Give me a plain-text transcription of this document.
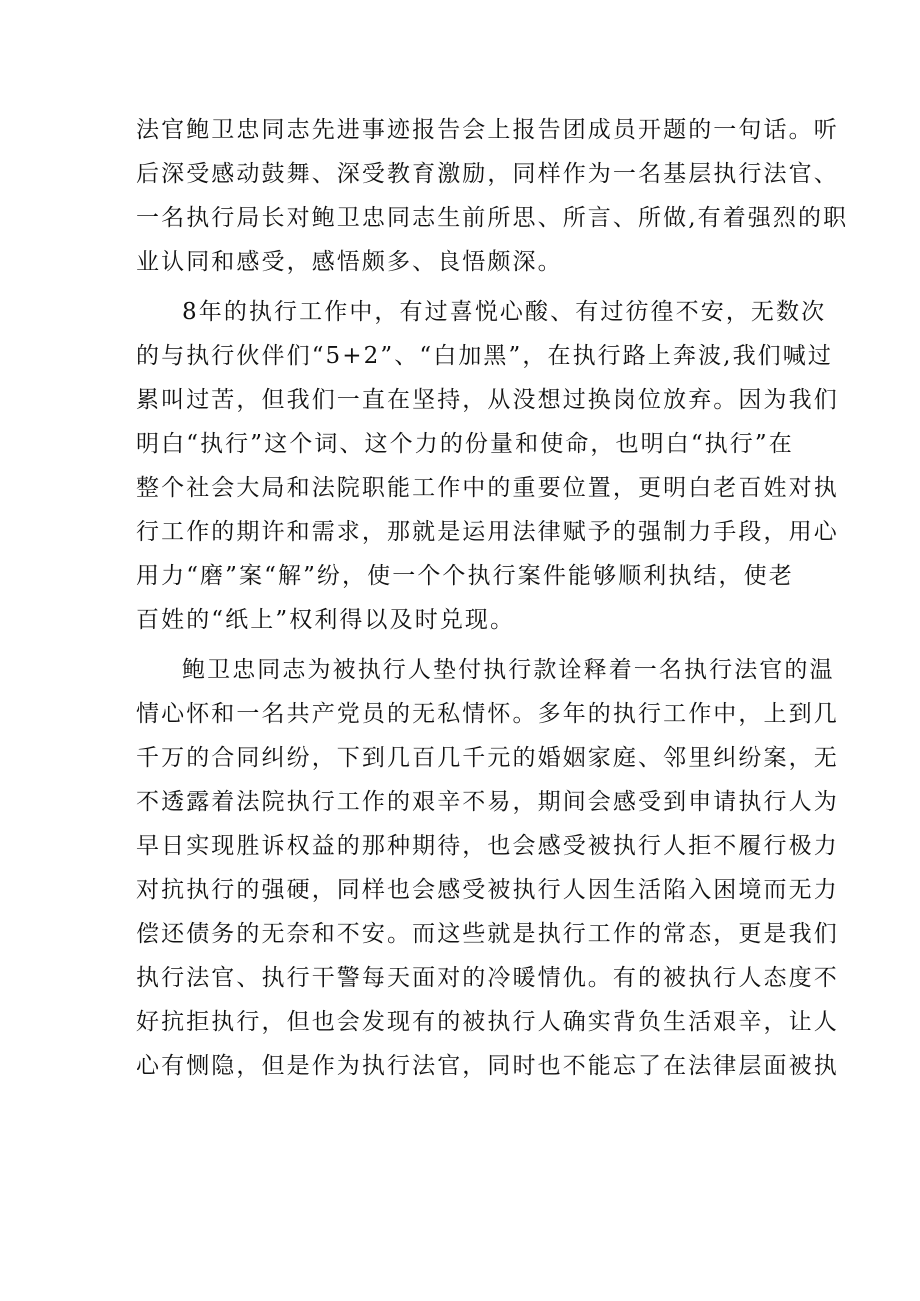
法官鲍卫忠同志先进事迹报告会上报告团成员开题的一句话。听
后深受感动鼓舞、深受教育激励，同样作为一名基层执行法官、
一名执行局长对鲍卫忠同志生前所思、所言、所做,有着强烈的职
业认同和感受，感悟颇多、良悟颇深。
8年的执行工作中，有过喜悦心酸、有过彷徨不安，无数次
的与执行伙伴们“5+2”、“白加黑”，在执行路上奔波,我们喊过
累叫过苦，但我们一直在坚持，从没想过换岗位放弃。因为我们
明白“执行”这个词、这个力的份量和使命，也明白“执行”在
整个社会大局和法院职能工作中的重要位置，更明白老百姓对执
行工作的期许和需求，那就是运用法律赋予的强制力手段，用心
用力“磨”案“解”纷，使一个个执行案件能够顺利执结，使老
百姓的“纸上”权利得以及时兑现。
鲍卫忠同志为被执行人垫付执行款诠释着一名执行法官的温
情心怀和一名共产党员的无私情怀。多年的执行工作中，上到几
千万的合同纠纷，下到几百几千元的婚姻家庭、邻里纠纷案，无
不透露着法院执行工作的艰辛不易，期间会感受到申请执行人为
早日实现胜诉权益的那种期待，也会感受被执行人拒不履行极力
对抗执行的强硬，同样也会感受被执行人因生活陷入困境而无力
偿还债务的无奈和不安。而这些就是执行工作的常态，更是我们
执行法官、执行干警每天面对的冷暖情仇。有的被执行人态度不
好抗拒执行，但也会发现有的被执行人确实背负生活艰辛，让人
心有恻隐，但是作为执行法官，同时也不能忘了在法律层面被执
